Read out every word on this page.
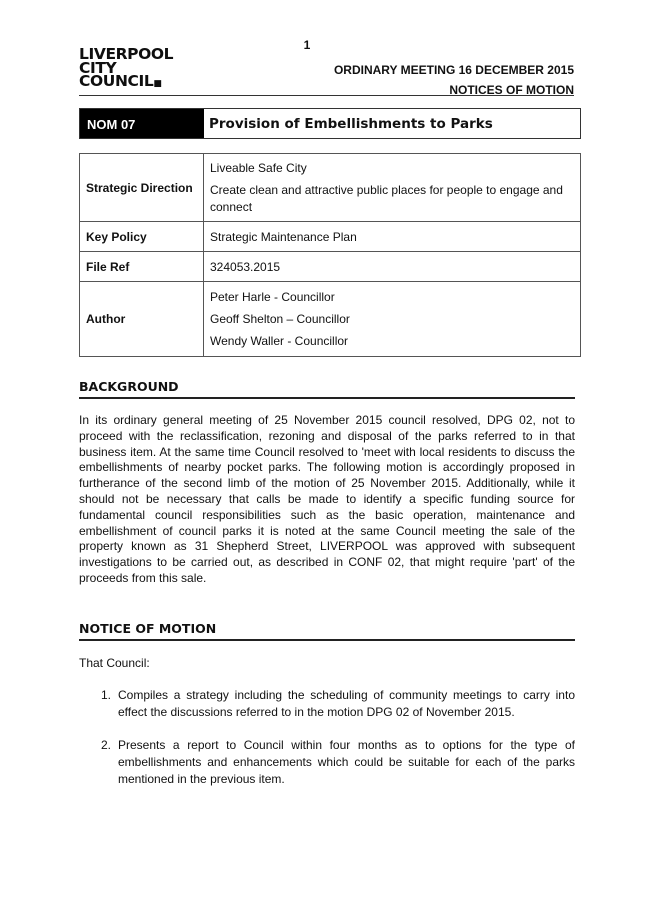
1
LIVERPOOL
CITY
COUNCIL■
ORDINARY MEETING 16 DECEMBER 2015
NOTICES OF MOTION
NOM 07	Provision of Embellishments to Parks
Strategic Direction	Liveable Safe City
Create clean and attractive public places for people to engage and connect

Key Policy	Strategic Maintenance Plan
File Ref	324053.2015
Author	Peter Harle - Councillor
Geoff Shelton – Councillor
Wendy Waller - Councillor
BACKGROUND

In its ordinary general meeting of 25 November 2015 council resolved, DPG 02, not to proceed with the reclassification, rezoning and disposal of the parks referred to in that business item. At the same time Council resolved to 'meet with local residents to discuss the embellishments of nearby pocket parks. The following motion is accordingly proposed in furtherance of the second limb of the motion of 25 November 2015. Additionally, while it should not be necessary that calls be made to identify a specific funding source for fundamental council responsibilities such as the basic operation, maintenance and embellishment of council parks it is noted at the same Council meeting the sale of the property known as 31 Shepherd Street, LIVERPOOL was approved with subsequent investigations to be carried out, as described in CONF 02, that might require 'part' of the proceeds from this sale.

NOTICE OF MOTION
That Council:
1. Compiles a strategy including the scheduling of community meetings to carry into effect the discussions referred to in the motion DPG 02 of November 2015.
2. Presents a report to Council within four months as to options for the type of embellishments and enhancements which could be suitable for each of the parks mentioned in the previous item.
